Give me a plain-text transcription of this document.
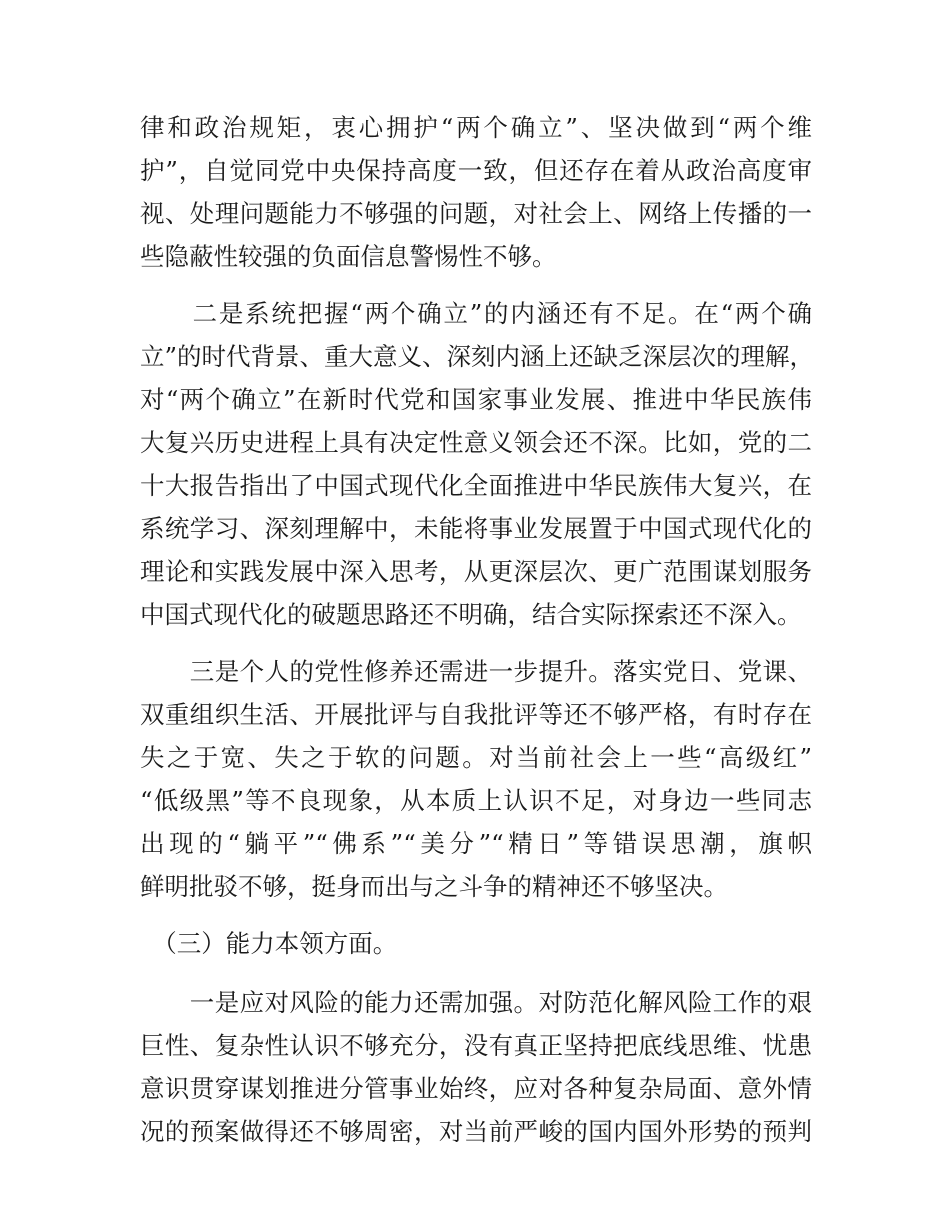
律和政治规矩，衷心拥护“两个确立”、坚决做到“两个维
护”，自觉同党中央保持高度一致，但还存在着从政治高度审
视、处理问题能力不够强的问题，对社会上、网络上传播的一
些隐蔽性较强的负面信息警惕性不够。
　　二是系统把握“两个确立”的内涵还有不足。在“两个确
立”的时代背景、重大意义、深刻内涵上还缺乏深层次的理解，
对“两个确立”在新时代党和国家事业发展、推进中华民族伟
大复兴历史进程上具有决定性意义领会还不深。比如，党的二
十大报告指出了中国式现代化全面推进中华民族伟大复兴，在
系统学习、深刻理解中，未能将事业发展置于中国式现代化的
理论和实践发展中深入思考，从更深层次、更广范围谋划服务
中国式现代化的破题思路还不明确，结合实际探索还不深入。
　　三是个人的党性修养还需进一步提升。落实党日、党课、
双重组织生活、开展批评与自我批评等还不够严格，有时存在
失之于宽、失之于软的问题。对当前社会上一些“高级红”
“低级黑”等不良现象，从本质上认识不足，对身边一些同志
出现的“躺平”“佛系”“美分”“精日”等错误思潮，旗帜
鲜明批驳不够，挺身而出与之斗争的精神还不够坚决。
　（三）能力本领方面。
　　一是应对风险的能力还需加强。对防范化解风险工作的艰
巨性、复杂性认识不够充分，没有真正坚持把底线思维、忧患
意识贯穿谋划推进分管事业始终，应对各种复杂局面、意外情
况的预案做得还不够周密，对当前严峻的国内国外形势的预判
